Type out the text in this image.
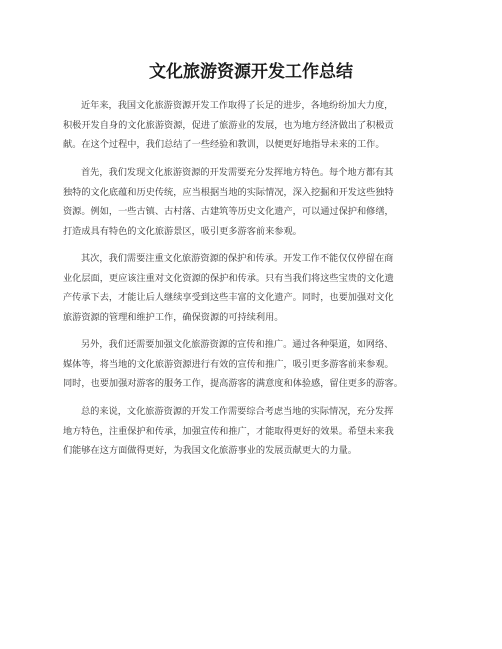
文化旅游资源开发工作总结
近年来，我国文化旅游资源开发工作取得了长足的进步，各地纷纷加大力度，
积极开发自身的文化旅游资源，促进了旅游业的发展，也为地方经济做出了积极贡
献。在这个过程中，我们总结了一些经验和教训，以便更好地指导未来的工作。
首先，我们发现文化旅游资源的开发需要充分发挥地方特色。每个地方都有其
独特的文化底蕴和历史传统，应当根据当地的实际情况，深入挖掘和开发这些独特
资源。例如，一些古镇、古村落、古建筑等历史文化遗产，可以通过保护和修缮，
打造成具有特色的文化旅游景区，吸引更多游客前来参观。
其次，我们需要注重文化旅游资源的保护和传承。开发工作不能仅仅停留在商
业化层面，更应该注重对文化资源的保护和传承。只有当我们将这些宝贵的文化遗
产传承下去，才能让后人继续享受到这些丰富的文化遗产。同时，也要加强对文化
旅游资源的管理和维护工作，确保资源的可持续利用。
另外，我们还需要加强文化旅游资源的宣传和推广。通过各种渠道，如网络、
媒体等，将当地的文化旅游资源进行有效的宣传和推广，吸引更多游客前来参观。
同时，也要加强对游客的服务工作，提高游客的满意度和体验感，留住更多的游客。
总的来说，文化旅游资源的开发工作需要综合考虑当地的实际情况，充分发挥
地方特色，注重保护和传承，加强宣传和推广，才能取得更好的效果。希望未来我
们能够在这方面做得更好，为我国文化旅游事业的发展贡献更大的力量。
